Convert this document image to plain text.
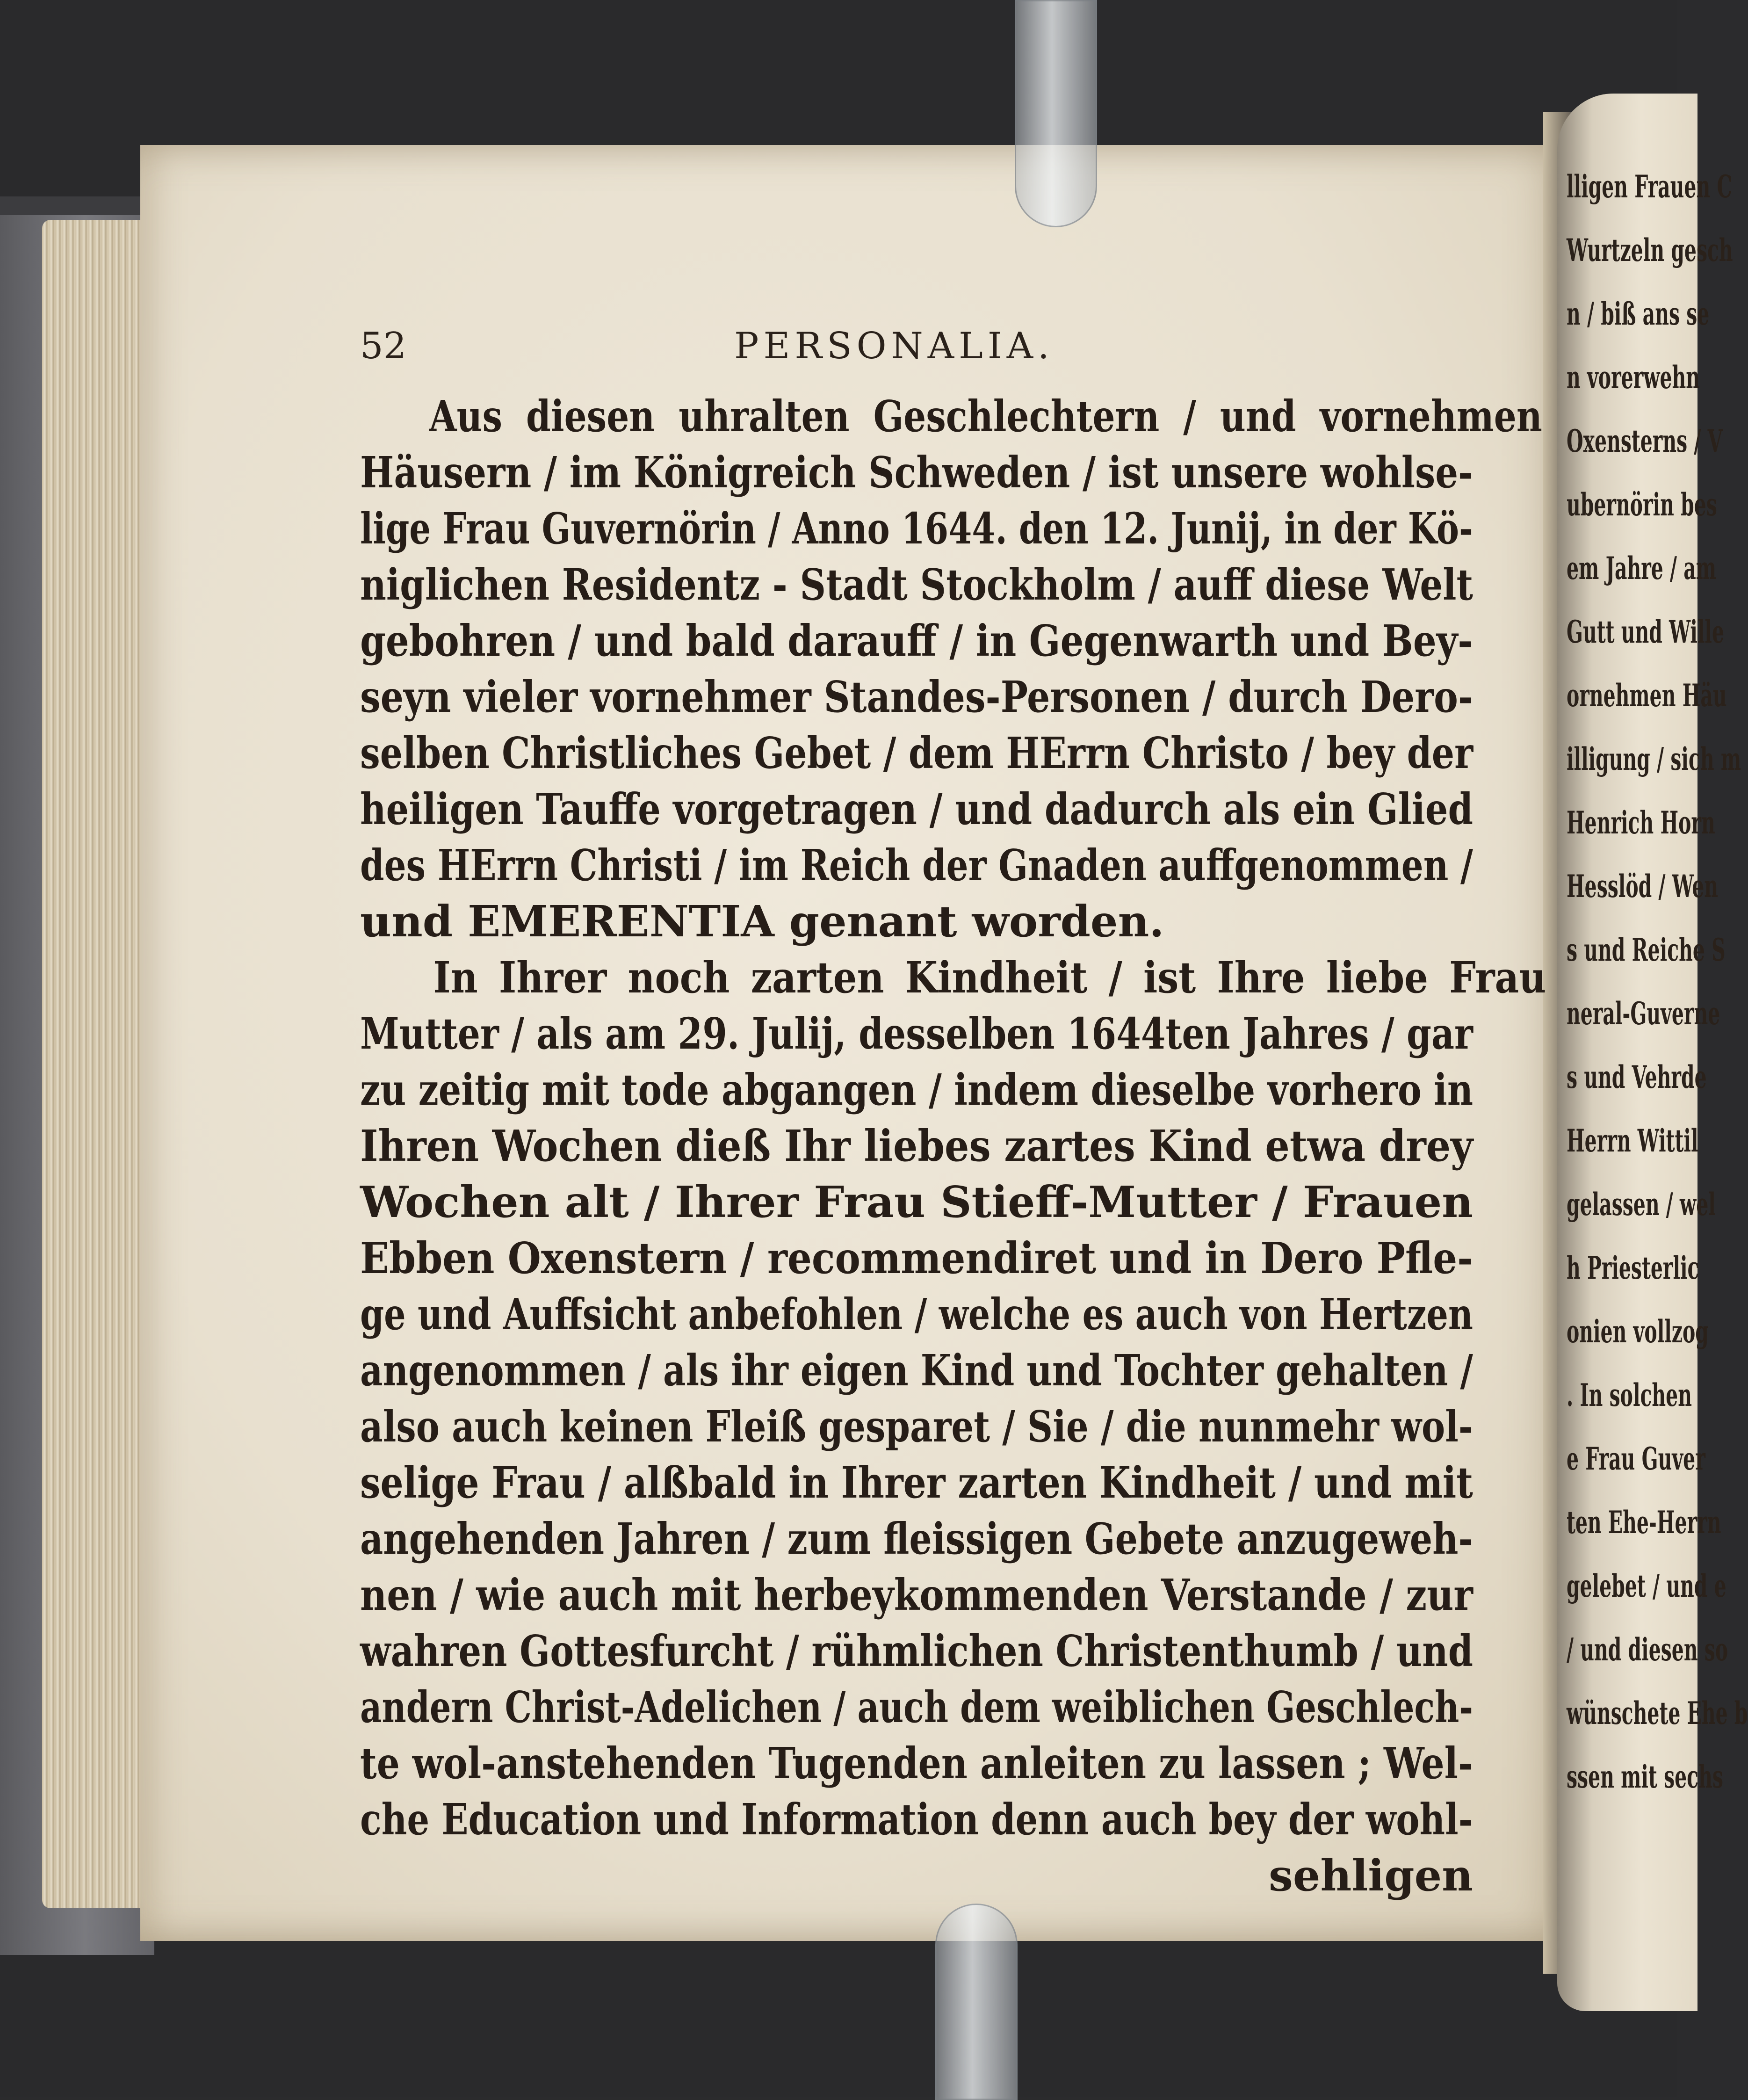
lligen Frauen C
Wurtzeln gesch
n / biß ans se
n vorerwehn
Oxensterns / V
ubernörin bes
em Jahre / am
Gutt und Wille
ornehmen Häu
illigung / sich m
Henrich Horn
Hesslöd / Wen
s und Reiche S
neral-Guverne
s und Vehrde
Herrn Wittil
gelassen / wel
h Priesterlic
onien vollzog
. In solchen
e Frau Guver
ten Ehe-Herrn
gelebet / und e
/ und diesen so
wünschete Ehe b
ssen mit sechs
52	PERSONALIA.
Aus diesen uhralten Geschlechtern / und vornehmen
Häusern / im Königreich Schweden / ist unsere wohlse-
lige Frau Guvernörin / Anno 1644. den 12. Junij, in der Kö-
niglichen Residentz - Stadt Stockholm / auff diese Welt
gebohren / und bald darauff / in Gegenwarth und Bey-
seyn vieler vornehmer Standes-Personen / durch Dero-
selben Christliches Gebet / dem HErrn Christo / bey der
heiligen Tauffe vorgetragen / und dadurch als ein Glied
des HErrn Christi / im Reich der Gnaden auffgenommen /
und EMERENTIA genant worden.
In Ihrer noch zarten Kindheit / ist Ihre liebe Frau
Mutter / als am 29. Julij, desselben 1644ten Jahres / gar
zu zeitig mit tode abgangen / indem dieselbe vorhero in
Ihren Wochen dieß Ihr liebes zartes Kind etwa drey
Wochen alt / Ihrer Frau Stieff-Mutter / Frauen
Ebben Oxenstern / recommendiret und in Dero Pfle-
ge und Auffsicht anbefohlen / welche es auch von Hertzen
angenommen / als ihr eigen Kind und Tochter gehalten /
also auch keinen Fleiß gesparet / Sie / die nunmehr wol-
selige Frau / alßbald in Ihrer zarten Kindheit / und mit
angehenden Jahren / zum fleissigen Gebete anzugeweh-
nen / wie auch mit herbeykommenden Verstande / zur
wahren Gottesfurcht / rühmlichen Christenthumb / und
andern Christ-Adelichen / auch dem weiblichen Geschlech-
te wol-anstehenden Tugenden anleiten zu lassen ; Wel-
che Education und Information denn auch bey der wohl-
sehligen
